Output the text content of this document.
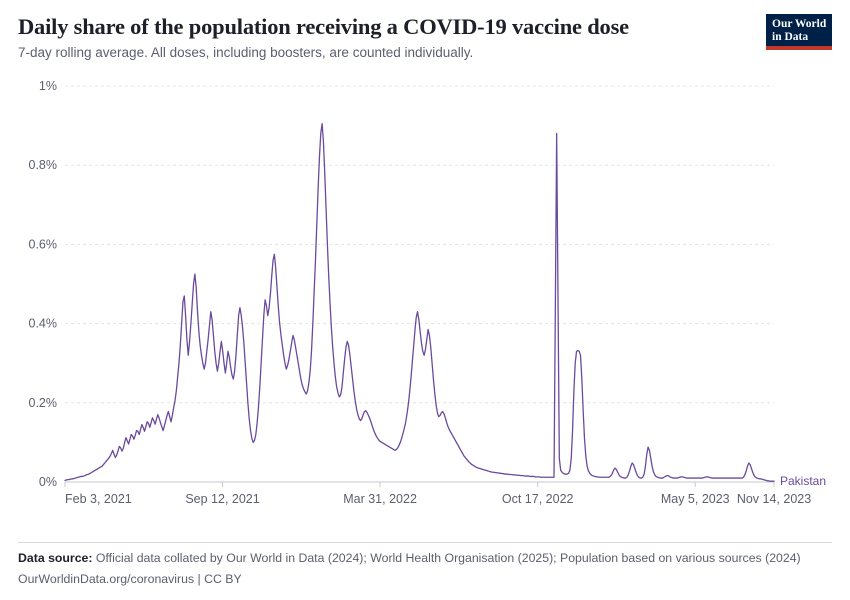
Daily share of the population receiving a COVID-19 vaccine dose

7-day rolling average. All doses, including boosters, are counted individually.

Our World
in Data
0%
0.2%
0.4%
0.6%
0.8%
1%
Feb 3, 2021	Sep 12, 2021	Mar 31, 2022	Oct 17, 2022	May 5, 2023 Nov 14, 2023
Pakistan
Data source: Official data collated by Our World in Data (2024); World Health Organisation (2025); Population based on various sources (2024)
OurWorldinData.org/coronavirus | CC BY
